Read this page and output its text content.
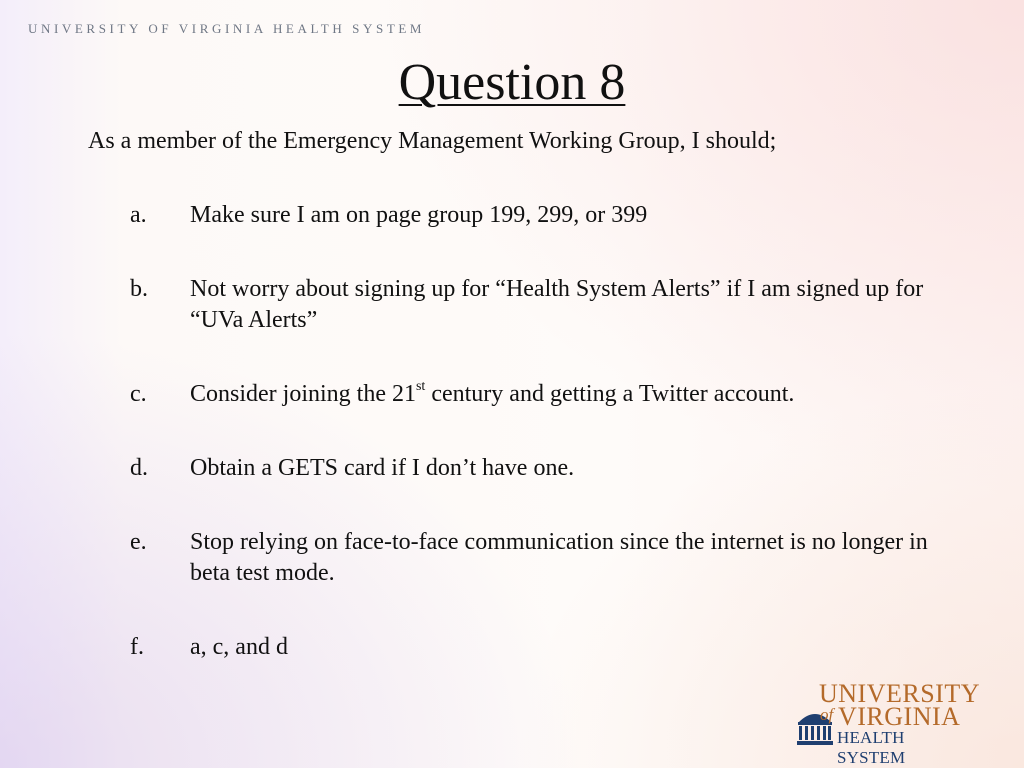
UNIVERSITY OF VIRGINIA HEALTH SYSTEM
Question 8
As a member of the Emergency Management Working Group, I should;
a.	Make sure I am on page group 199, 299, or 399
b.	Not worry about signing up for “Health System Alerts” if I am signed up for “UVa Alerts”
c.	Consider joining the 21st century and getting a Twitter account.
d.	Obtain a GETS card if I don’t have one.
e.	Stop relying on face-to-face communication since the internet is no longer in beta test mode.
f.	a, c, and d
UNIVERSITY
of VIRGINIA
HEALTH SYSTEM
